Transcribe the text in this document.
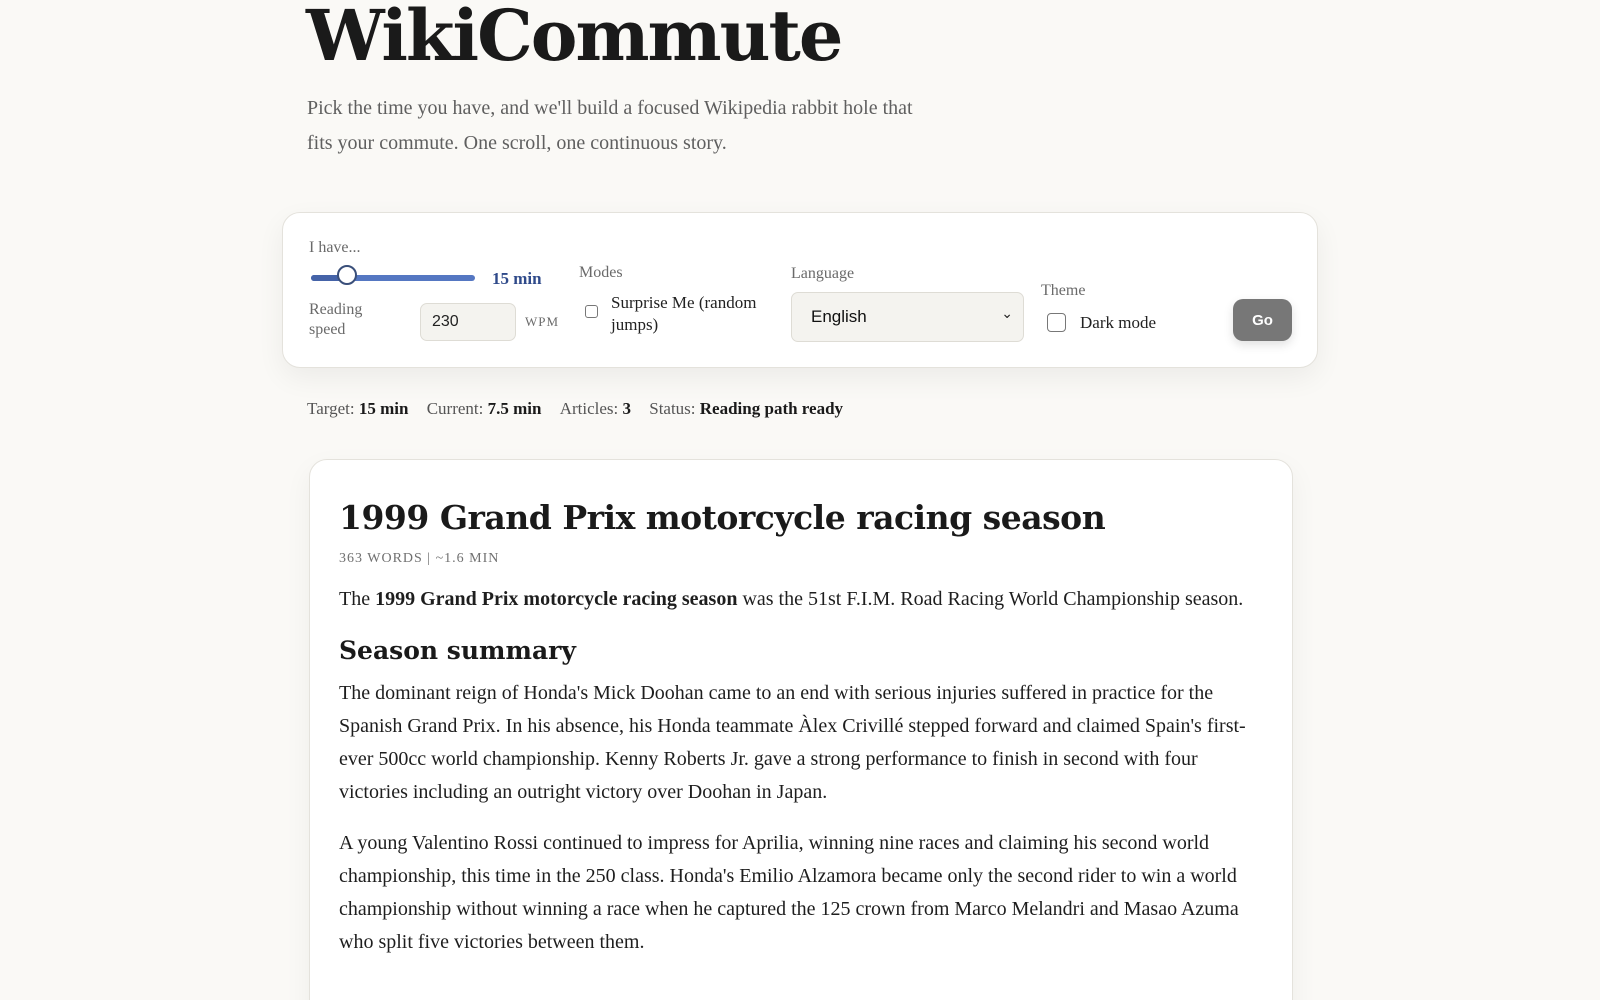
WikiCommute

Pick the time you have, and we'll build a focused Wikipedia rabbit hole that fits your commute. One scroll, one continuous story.

I have...
15 min
Reading speed	230	WPM
Modes
Surprise Me (random jumps)
Language
English	⌄
Theme
Dark mode	Go
Target: 15 min Current: 7.5 min Articles: 3 Status: Reading path ready
1999 Grand Prix motorcycle racing season
363 WORDS | ~1.6 MIN

The 1999 Grand Prix motorcycle racing season was the 51st F.I.M. Road Racing World Championship season.

Season summary

The dominant reign of Honda's Mick Doohan came to an end with serious injuries suffered in practice for the Spanish Grand Prix. In his absence, his Honda teammate Àlex Crivillé stepped forward and claimed Spain's first-ever 500cc world championship. Kenny Roberts Jr. gave a strong performance to finish in second with four victories including an outright victory over Doohan in Japan.

A young Valentino Rossi continued to impress for Aprilia, winning nine races and claiming his second world championship, this time in the 250 class. Honda's Emilio Alzamora became only the second rider to win a world championship without winning a race when he captured the 125 crown from Marco Melandri and Masao Azuma who split five victories between them.
